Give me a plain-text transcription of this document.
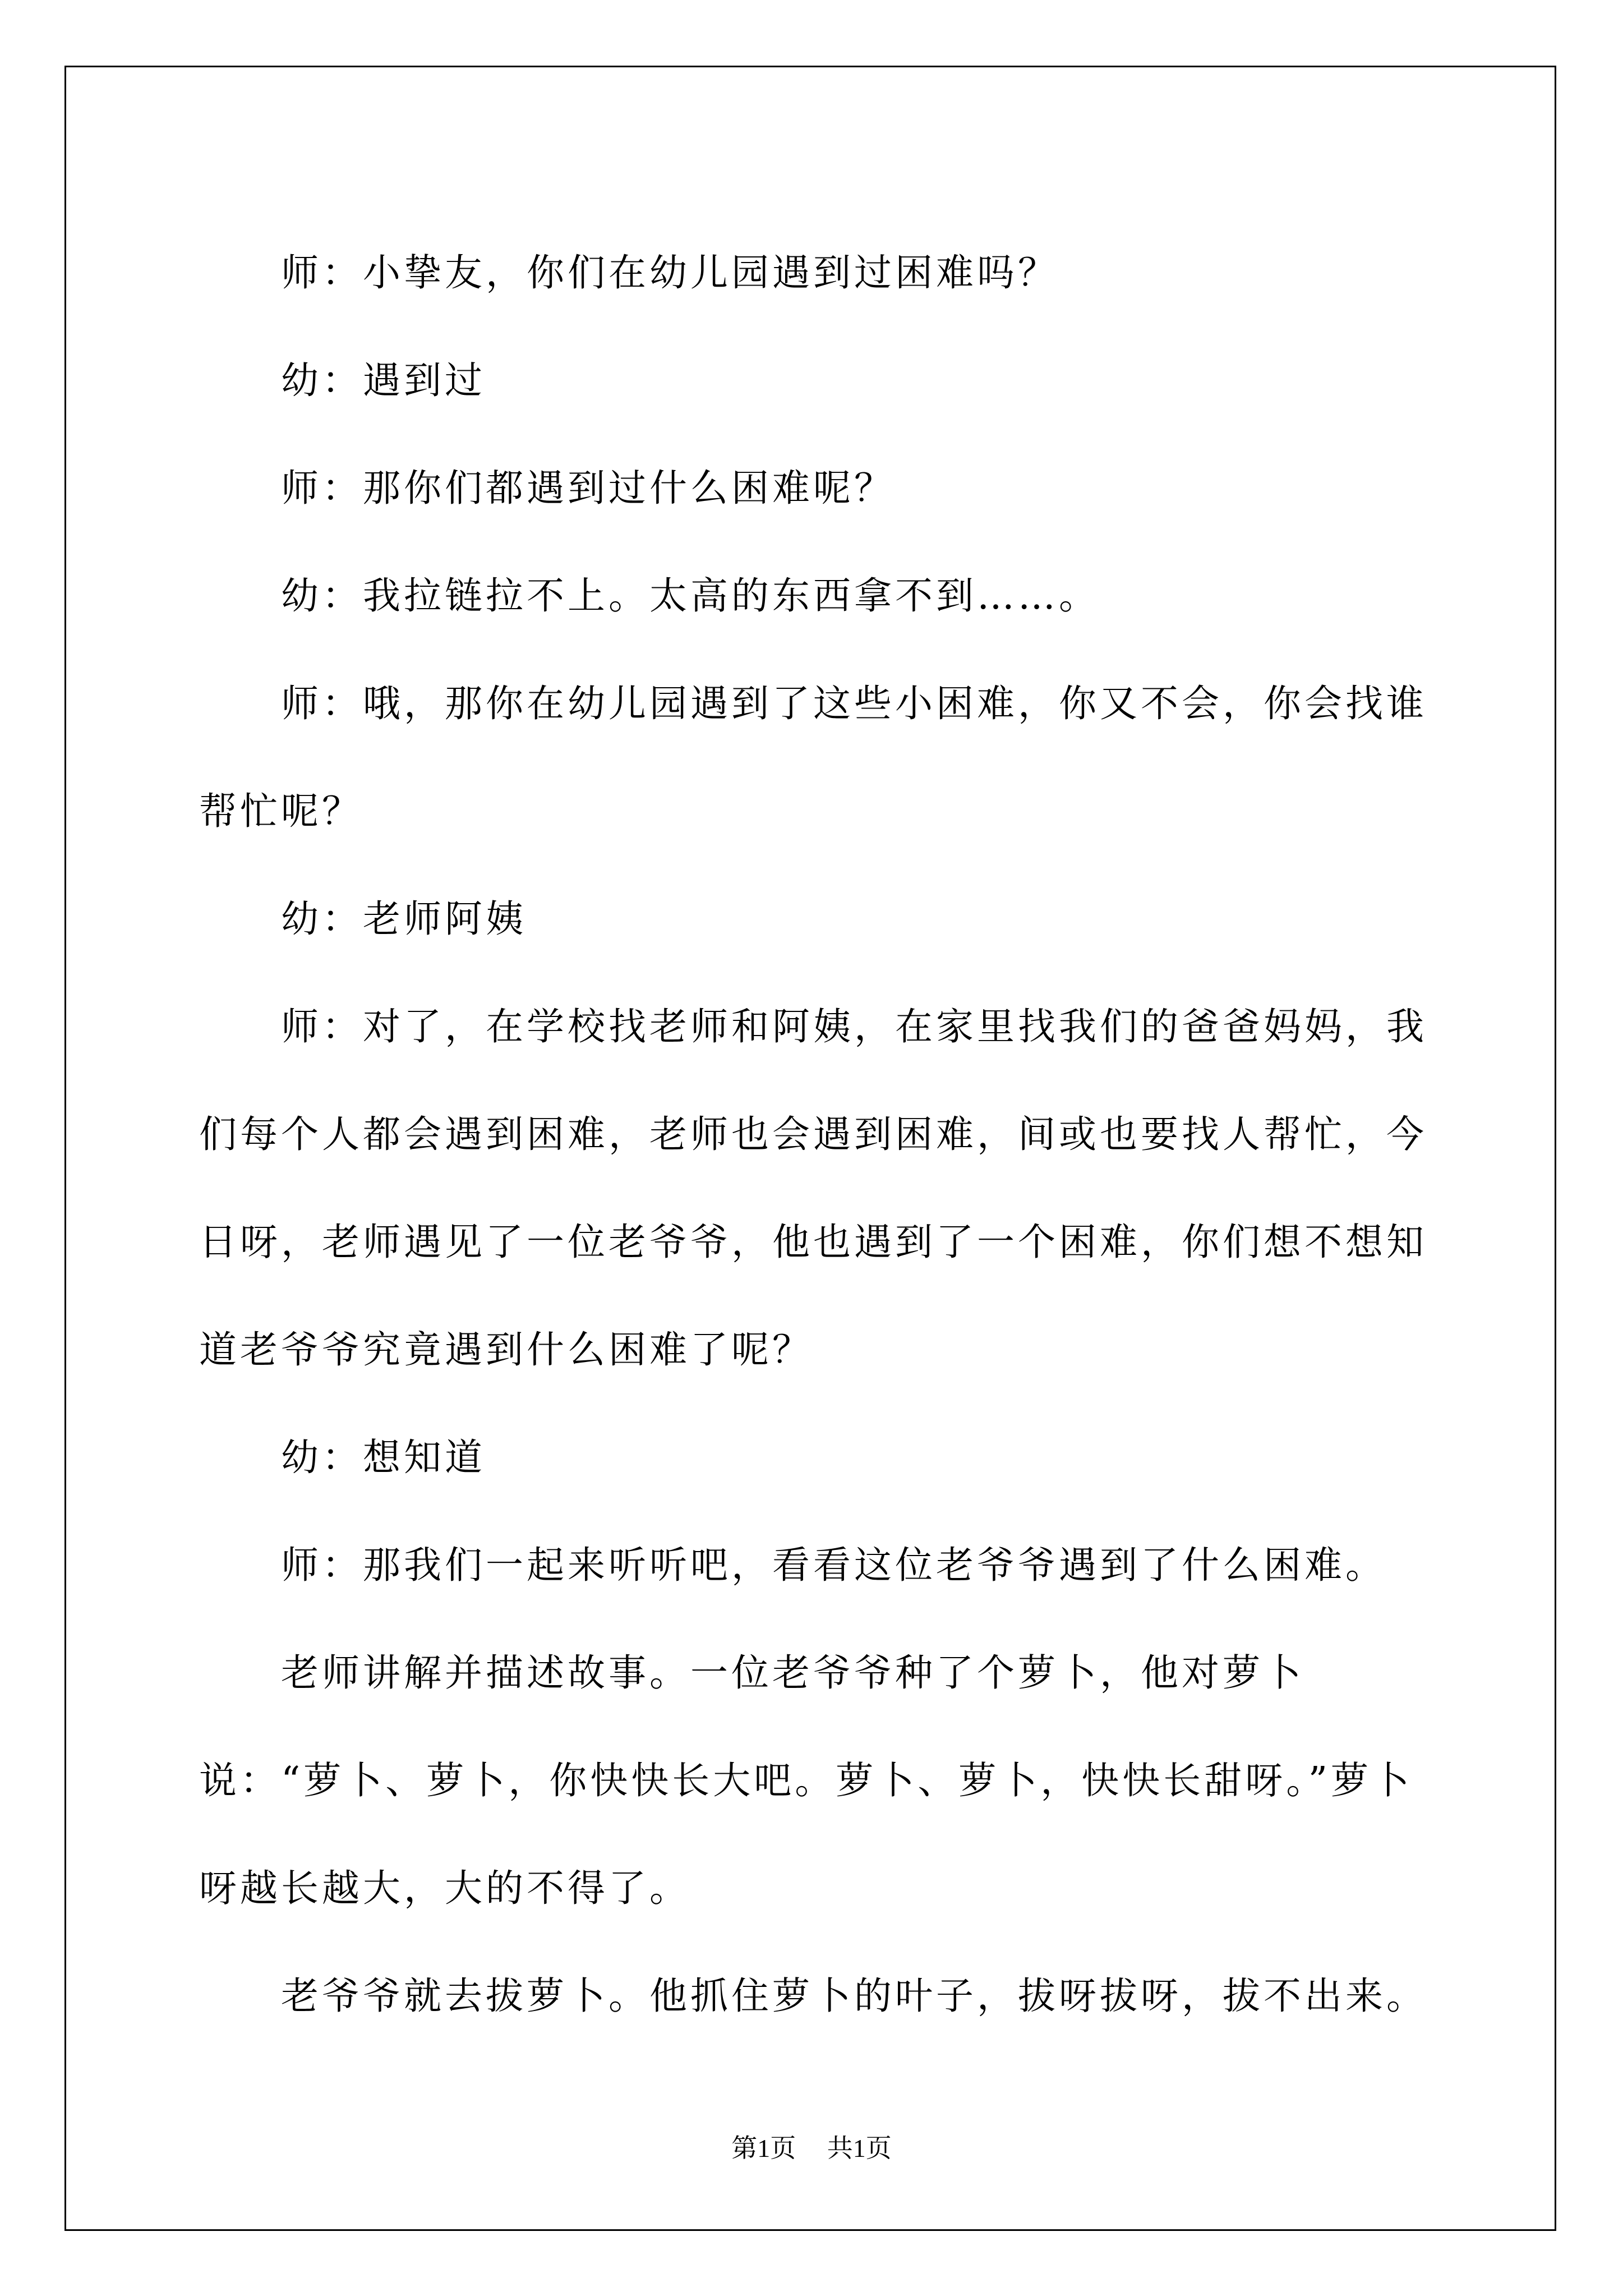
师：小挚友，你们在幼儿园遇到过困难吗？

幼：遇到过

师：那你们都遇到过什么困难呢？

幼：我拉链拉不上。太高的东西拿不到……。

师：哦，那你在幼儿园遇到了这些小困难，你又不会，你会找谁帮忙呢？

幼：老师阿姨

师：对了，在学校找老师和阿姨，在家里找我们的爸爸妈妈，我们每个人都会遇到困难，老师也会遇到困难，间或也要找人帮忙，今日呀，老师遇见了一位老爷爷，他也遇到了一个困难，你们想不想知道老爷爷究竟遇到什么困难了呢？

幼：想知道

师：那我们一起来听听吧，看看这位老爷爷遇到了什么困难。

老师讲解并描述故事。一位老爷爷种了个萝卜，他对萝卜说：“萝卜、萝卜，你快快长大吧。萝卜、萝卜，快快长甜呀。”萝卜呀越长越大，大的不得了。

老爷爷就去拔萝卜。他抓住萝卜的叶子，拔呀拔呀，拔不出来。

第1页 共1页
